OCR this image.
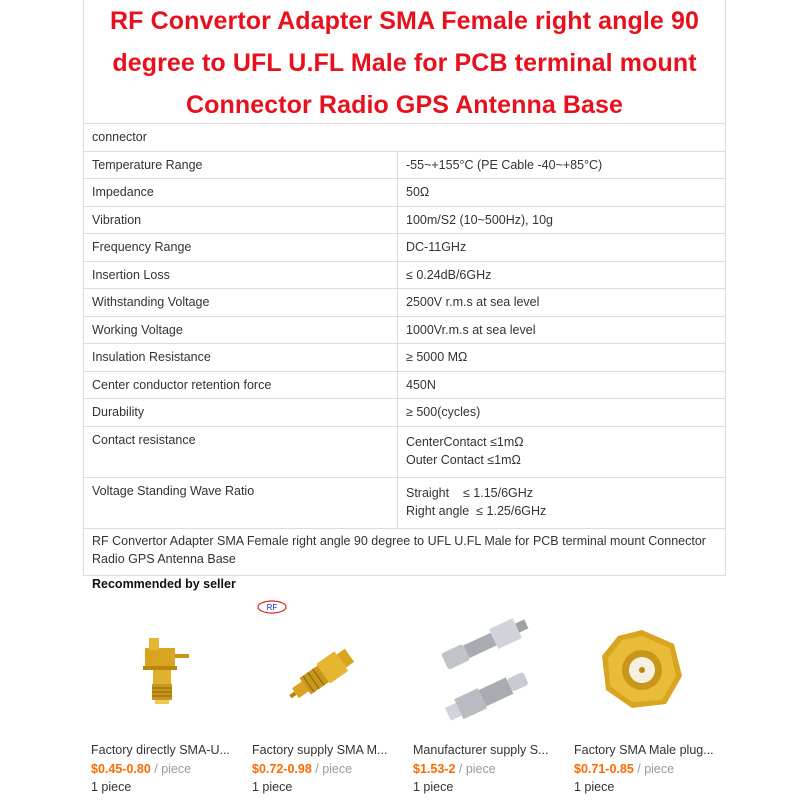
RF Convertor Adapter SMA Female right angle 90 degree to UFL U.FL Male for PCB terminal mount Connector Radio GPS Antenna Base
connector	
Temperature Range	-55~+155°C (PE Cable -40~+85°C)
Impedance	50Ω
Vibration	100m/S2 (10~500Hz), 10g
Frequency Range	DC-11GHz
Insertion Loss	≤ 0.24dB/6GHz
Withstanding Voltage	2500V r.m.s at sea level
Working Voltage	1000Vr.m.s at sea level
Insulation Resistance	≥ 5000 MΩ
Center conductor retention force	450N
Durability	≥ 500(cycles)
Contact resistance	CenterContact ≤1mΩ
Outer Contact ≤1mΩ

Voltage Standing Wave Ratio	Straight    ≤ 1.15/6GHz
Right angle  ≤ 1.25/6GHz
RF Convertor Adapter SMA Female right angle 90 degree to UFL U.FL Male for PCB terminal mount Connector Radio GPS Antenna Base
Recommended by seller
RF
Factory directly SMA-U...
$0.45-0.80 / piece
1 piece
Factory supply SMA M...
$0.72-0.98 / piece
1 piece
Manufacturer supply S...
$1.53-2 / piece
1 piece
Factory SMA Male plug...
$0.71-0.85 / piece
1 piece
